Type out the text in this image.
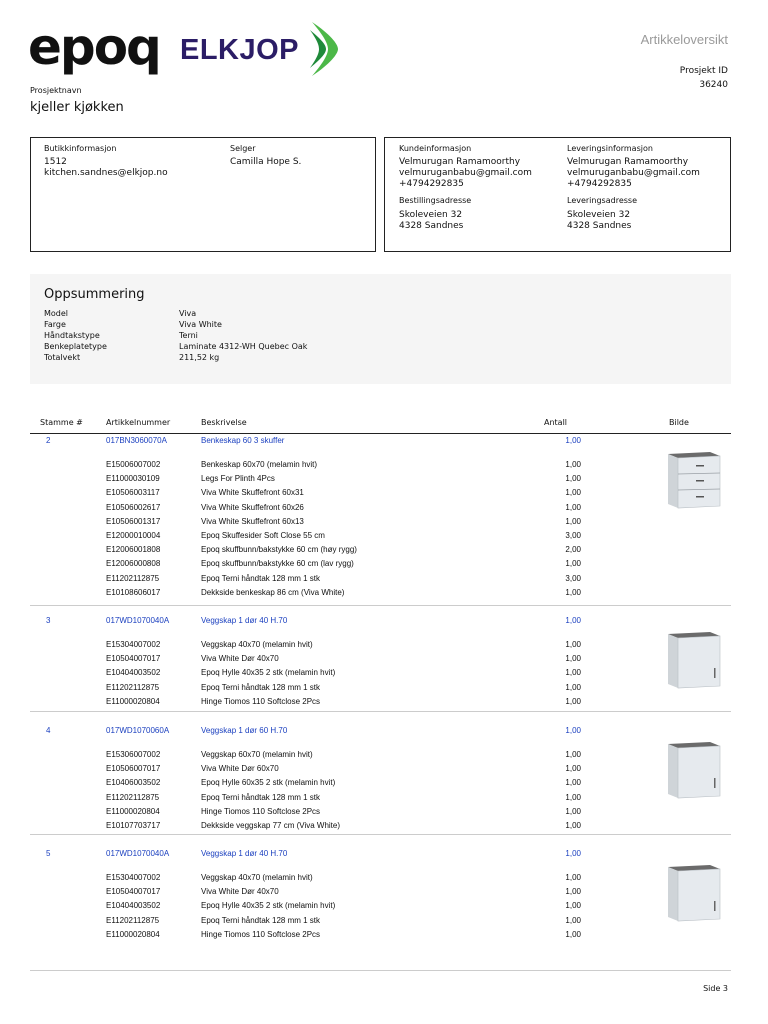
epoq ELKJOP	Artikkeloversikt
Prosjekt ID
36240
Prosjektnavn
kjeller kjøkken
Butikkinformasjon
1512
kitchen.sandnes@elkjop.no
Selger
Camilla Hope S.
Kundeinformasjon
Velmurugan Ramamoorthy
velmuruganbabu@gmail.com
+4794292835
Bestillingsadresse
Skoleveien 32
4328 Sandnes
Leveringsinformasjon
Velmurugan Ramamoorthy
velmuruganbabu@gmail.com
+4794292835
Leveringsadresse
Skoleveien 32
4328 Sandnes
Oppsummering
Model	Viva
Farge	Viva White
Håndtakstype	Terni
Benkeplatetype	Laminate 4312-WH Quebec Oak
Totalvekt	211,52 kg
Stamme #	Artikkelnummer	Beskrivelse	Antall	Bilde
2	017BN3060070A	Benkeskap 60 3 skuffer	1,00
E15006007002	Benkeskap 60x70 (melamin hvit)	1,00
E11000030109	Legs For Plinth 4Pcs	1,00
E10506003117	Viva White Skuffefront 60x31	1,00
E10506002617	Viva White Skuffefront 60x26	1,00
E10506001317	Viva White Skuffefront 60x13	1,00
E12000010004	Epoq Skuffesider Soft Close 55 cm	3,00
E12006001808	Epoq skuffbunn/bakstykke 60 cm (høy rygg)	2,00
E12006000808	Epoq skuffbunn/bakstykke 60 cm (lav rygg)	1,00
E11202112875	Epoq Terni håndtak 128 mm 1 stk	3,00
E10108606017	Dekkside benkeskap 86 cm (Viva White)	1,00
3	017WD1070040A	Veggskap 1 dør 40 H.70	1,00
E15304007002	Veggskap 40x70 (melamin hvit)	1,00
E10504007017	Viva White Dør 40x70	1,00
E10404003502	Epoq Hylle 40x35 2 stk (melamin hvit)	1,00
E11202112875	Epoq Terni håndtak 128 mm 1 stk	1,00
E11000020804	Hinge Tiomos 110 Softclose 2Pcs	1,00
4	017WD1070060A	Veggskap 1 dør 60 H.70	1,00
E15306007002	Veggskap 60x70 (melamin hvit)	1,00
E10506007017	Viva White Dør 60x70	1,00
E10406003502	Epoq Hylle 60x35 2 stk (melamin hvit)	1,00
E11202112875	Epoq Terni håndtak 128 mm 1 stk	1,00
E11000020804	Hinge Tiomos 110 Softclose 2Pcs	1,00
E10107703717	Dekkside veggskap 77 cm (Viva White)	1,00
5	017WD1070040A	Veggskap 1 dør 40 H.70	1,00
E15304007002	Veggskap 40x70 (melamin hvit)	1,00
E10504007017	Viva White Dør 40x70	1,00
E10404003502	Epoq Hylle 40x35 2 stk (melamin hvit)	1,00
E11202112875	Epoq Terni håndtak 128 mm 1 stk	1,00
E11000020804	Hinge Tiomos 110 Softclose 2Pcs	1,00
Side 3
